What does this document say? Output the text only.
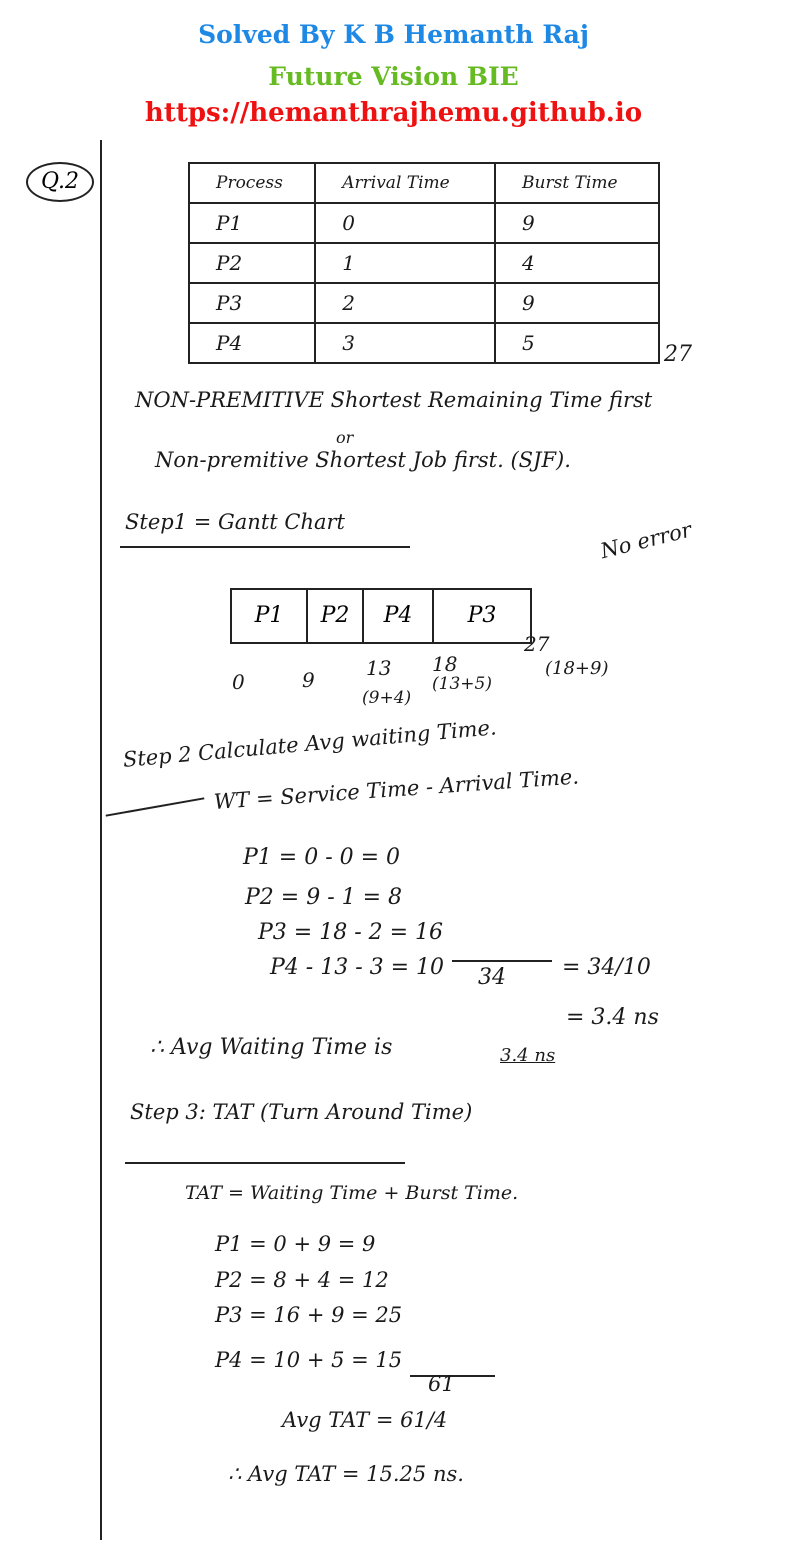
Solved By K B Hemanth Raj
Future Vision BIE
https://hemanthrajhemu.github.io
Q.2	Process	Arrival Time	Burst Time
P1	0	9
P2	1	4
P3	2	9
P4	3	5	27
NON-PREMITIVE Shortest Remaining Time first
or
Non-premitive Shortest Job first. (SJF).
Step1 = Gantt Chart	No error
P1	P2	P4	P3
0	9	13 18
27
(9+4)
(13+5)
(18+9)
Step 2 Calculate Avg waiting Time.
WT = Service Time - Arrival Time.
P1 = 0 - 0 = 0
P2 = 9 - 1 = 8
P3 = 18 - 2 = 16
P4 - 13 - 3 = 10 34	= 34/10
= 3.4 ns
∴ Avg Waiting Time is	3.4 ns
Step 3: TAT (Turn Around Time)
TAT = Waiting Time + Burst Time.
P1 = 0 + 9 = 9
P2 = 8 + 4 = 12
P3 = 16 + 9 = 25
P4 = 10 + 5 = 15
61
Avg TAT = 61/4
∴ Avg TAT = 15.25 ns.
